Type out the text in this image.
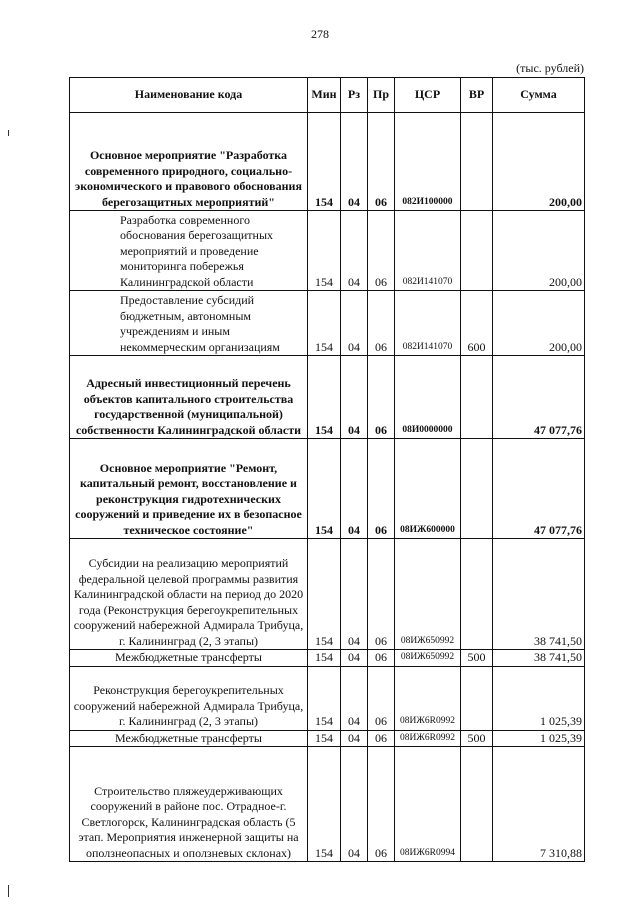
278
(тыс. рублей)
Наименование кода	Мин	Рз	Пр	ЦСР	ВР	Сумма

Основное мероприятие "Разработка современного природного, социально-экономического и правового обоснования берегозащитных мероприятий"	154	04	06	082И100000		200,00

Разработка современного обоснования берегозащитных мероприятий и проведение мониторинга побережья Калининградской области	154	04	06	082И141070		200,00

Предоставление субсидий бюджетным, автономным учреждениям и иным некоммерческим организациям	154	04	06	082И141070	600	200,00

Адресный инвестиционный перечень объектов капитального строительства государственной (муниципальной) собственности Калининградской области	154	04	06	08И0000000		47 077,76

Основное мероприятие "Ремонт, капитальный ремонт, восстановление и реконструкция гидротехнических сооружений и приведение их в безопасное техническое состояние"	154	04	06	08ИЖ600000		47 077,76

Субсидии на реализацию мероприятий федеральной целевой программы развития Калининградской области на период до 2020 года (Реконструкция берегоукрепительных сооружений набережной Адмирала Трибуца, г. Калининград (2, 3 этапы)	154	04	06	08ИЖ650992		38 741,50

Межбюджетные трансферты	154	04	06	08ИЖ650992	500	38 741,50

Реконструкция берегоукрепительных сооружений набережной Адмирала Трибуца, г. Калининград (2, 3 этапы)	154	04	06	08ИЖ6R0992		1 025,39

Межбюджетные трансферты	154	04	06	08ИЖ6R0992	500	1 025,39

Строительство пляжеудерживающих сооружений в районе пос. Отрадное-г. Светлогорск, Калининградская область (5 этап. Мероприятия инженерной защиты на оползнеопасных и оползневых склонах)	154	04	06	08ИЖ6R0994		7 310,88
